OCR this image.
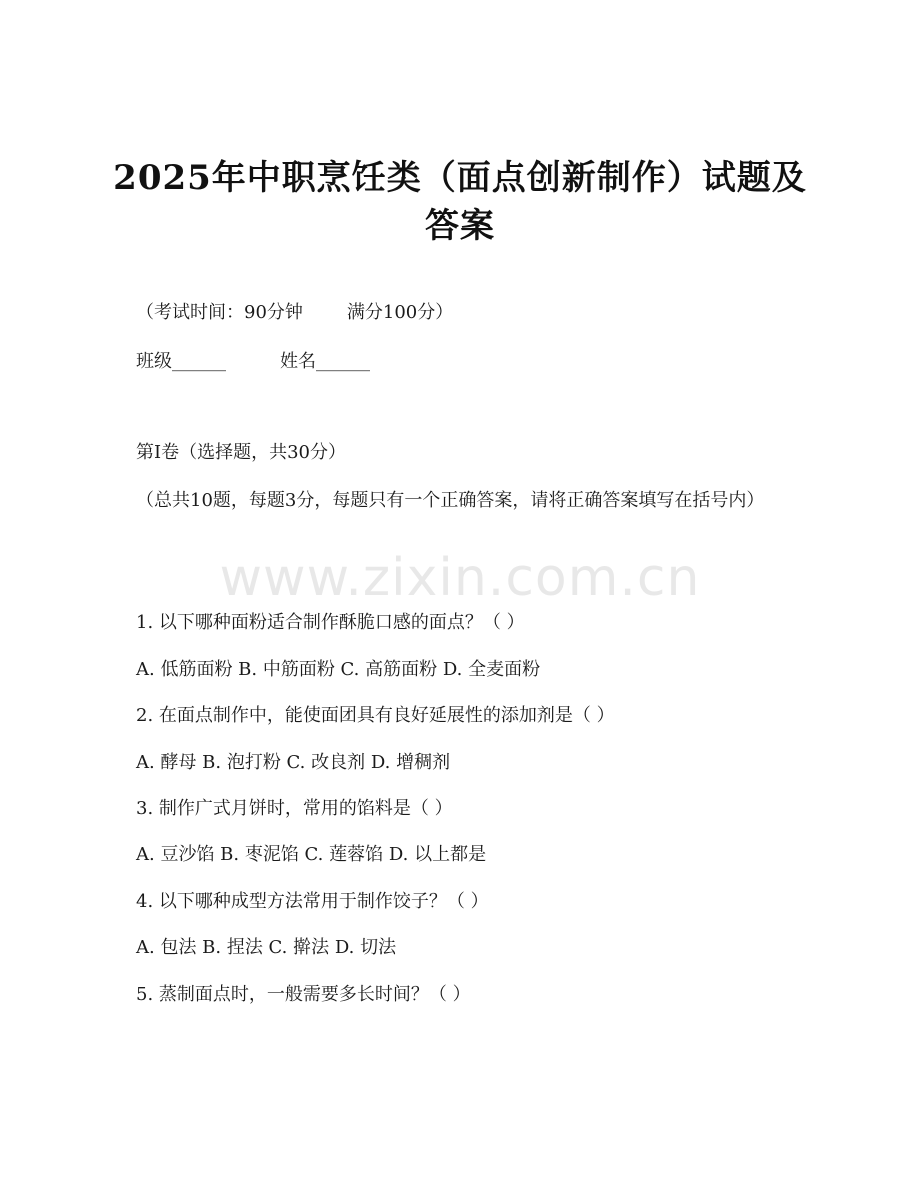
2025年中职烹饪类（面点创新制作）试题及
答案
（考试时间：90分钟 满分100分）
班级______	姓名______
第Ⅰ卷（选择题，共30分）
（总共10题，每题3分，每题只有一个正确答案，请将正确答案填写在括号内）
1. 以下哪种面粉适合制作酥脆口感的面点？（ ）
A. 低筋面粉 B. 中筋面粉 C. 高筋面粉 D. 全麦面粉
2. 在面点制作中，能使面团具有良好延展性的添加剂是（ ）
A. 酵母 B. 泡打粉 C. 改良剂 D. 增稠剂
3. 制作广式月饼时，常用的馅料是（ ）
A. 豆沙馅 B. 枣泥馅 C. 莲蓉馅 D. 以上都是
4. 以下哪种成型方法常用于制作饺子？（ ）
A. 包法 B. 捏法 C. 擀法 D. 切法
5. 蒸制面点时，一般需要多长时间？（ ）
www.zixin.com.cn
